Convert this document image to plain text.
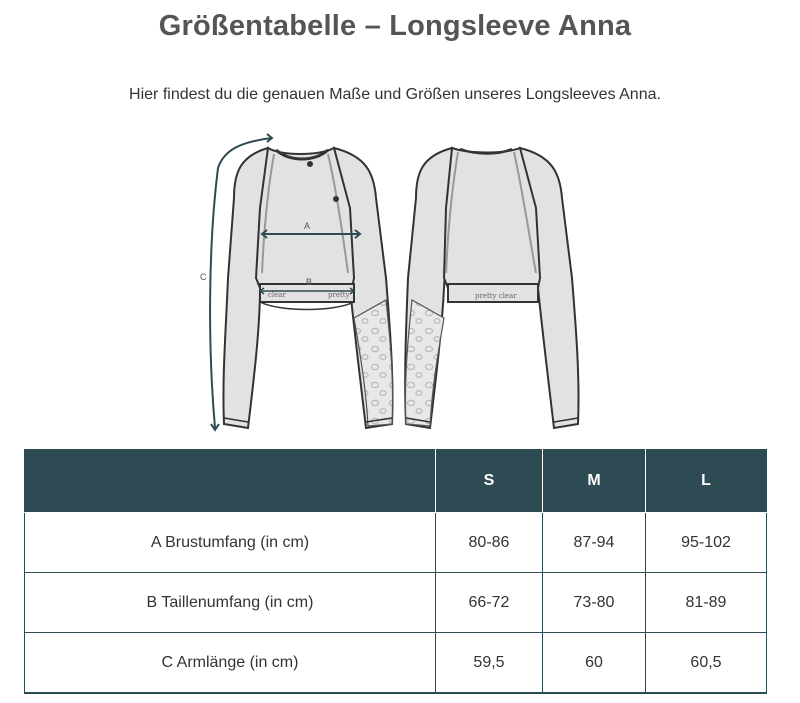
Größentabelle – Longsleeve Anna
Hier findest du die genauen Maße und Größen unseres Longsleeves Anna.
clear	pretty
A
B
C
pretty clear
	S	M	L
A Brustumfang (in cm)	80-86	87-94	95-102
B Taillenumfang (in cm)	66-72	73-80	81-89
C Armlänge (in cm)	59,5	60	60,5
